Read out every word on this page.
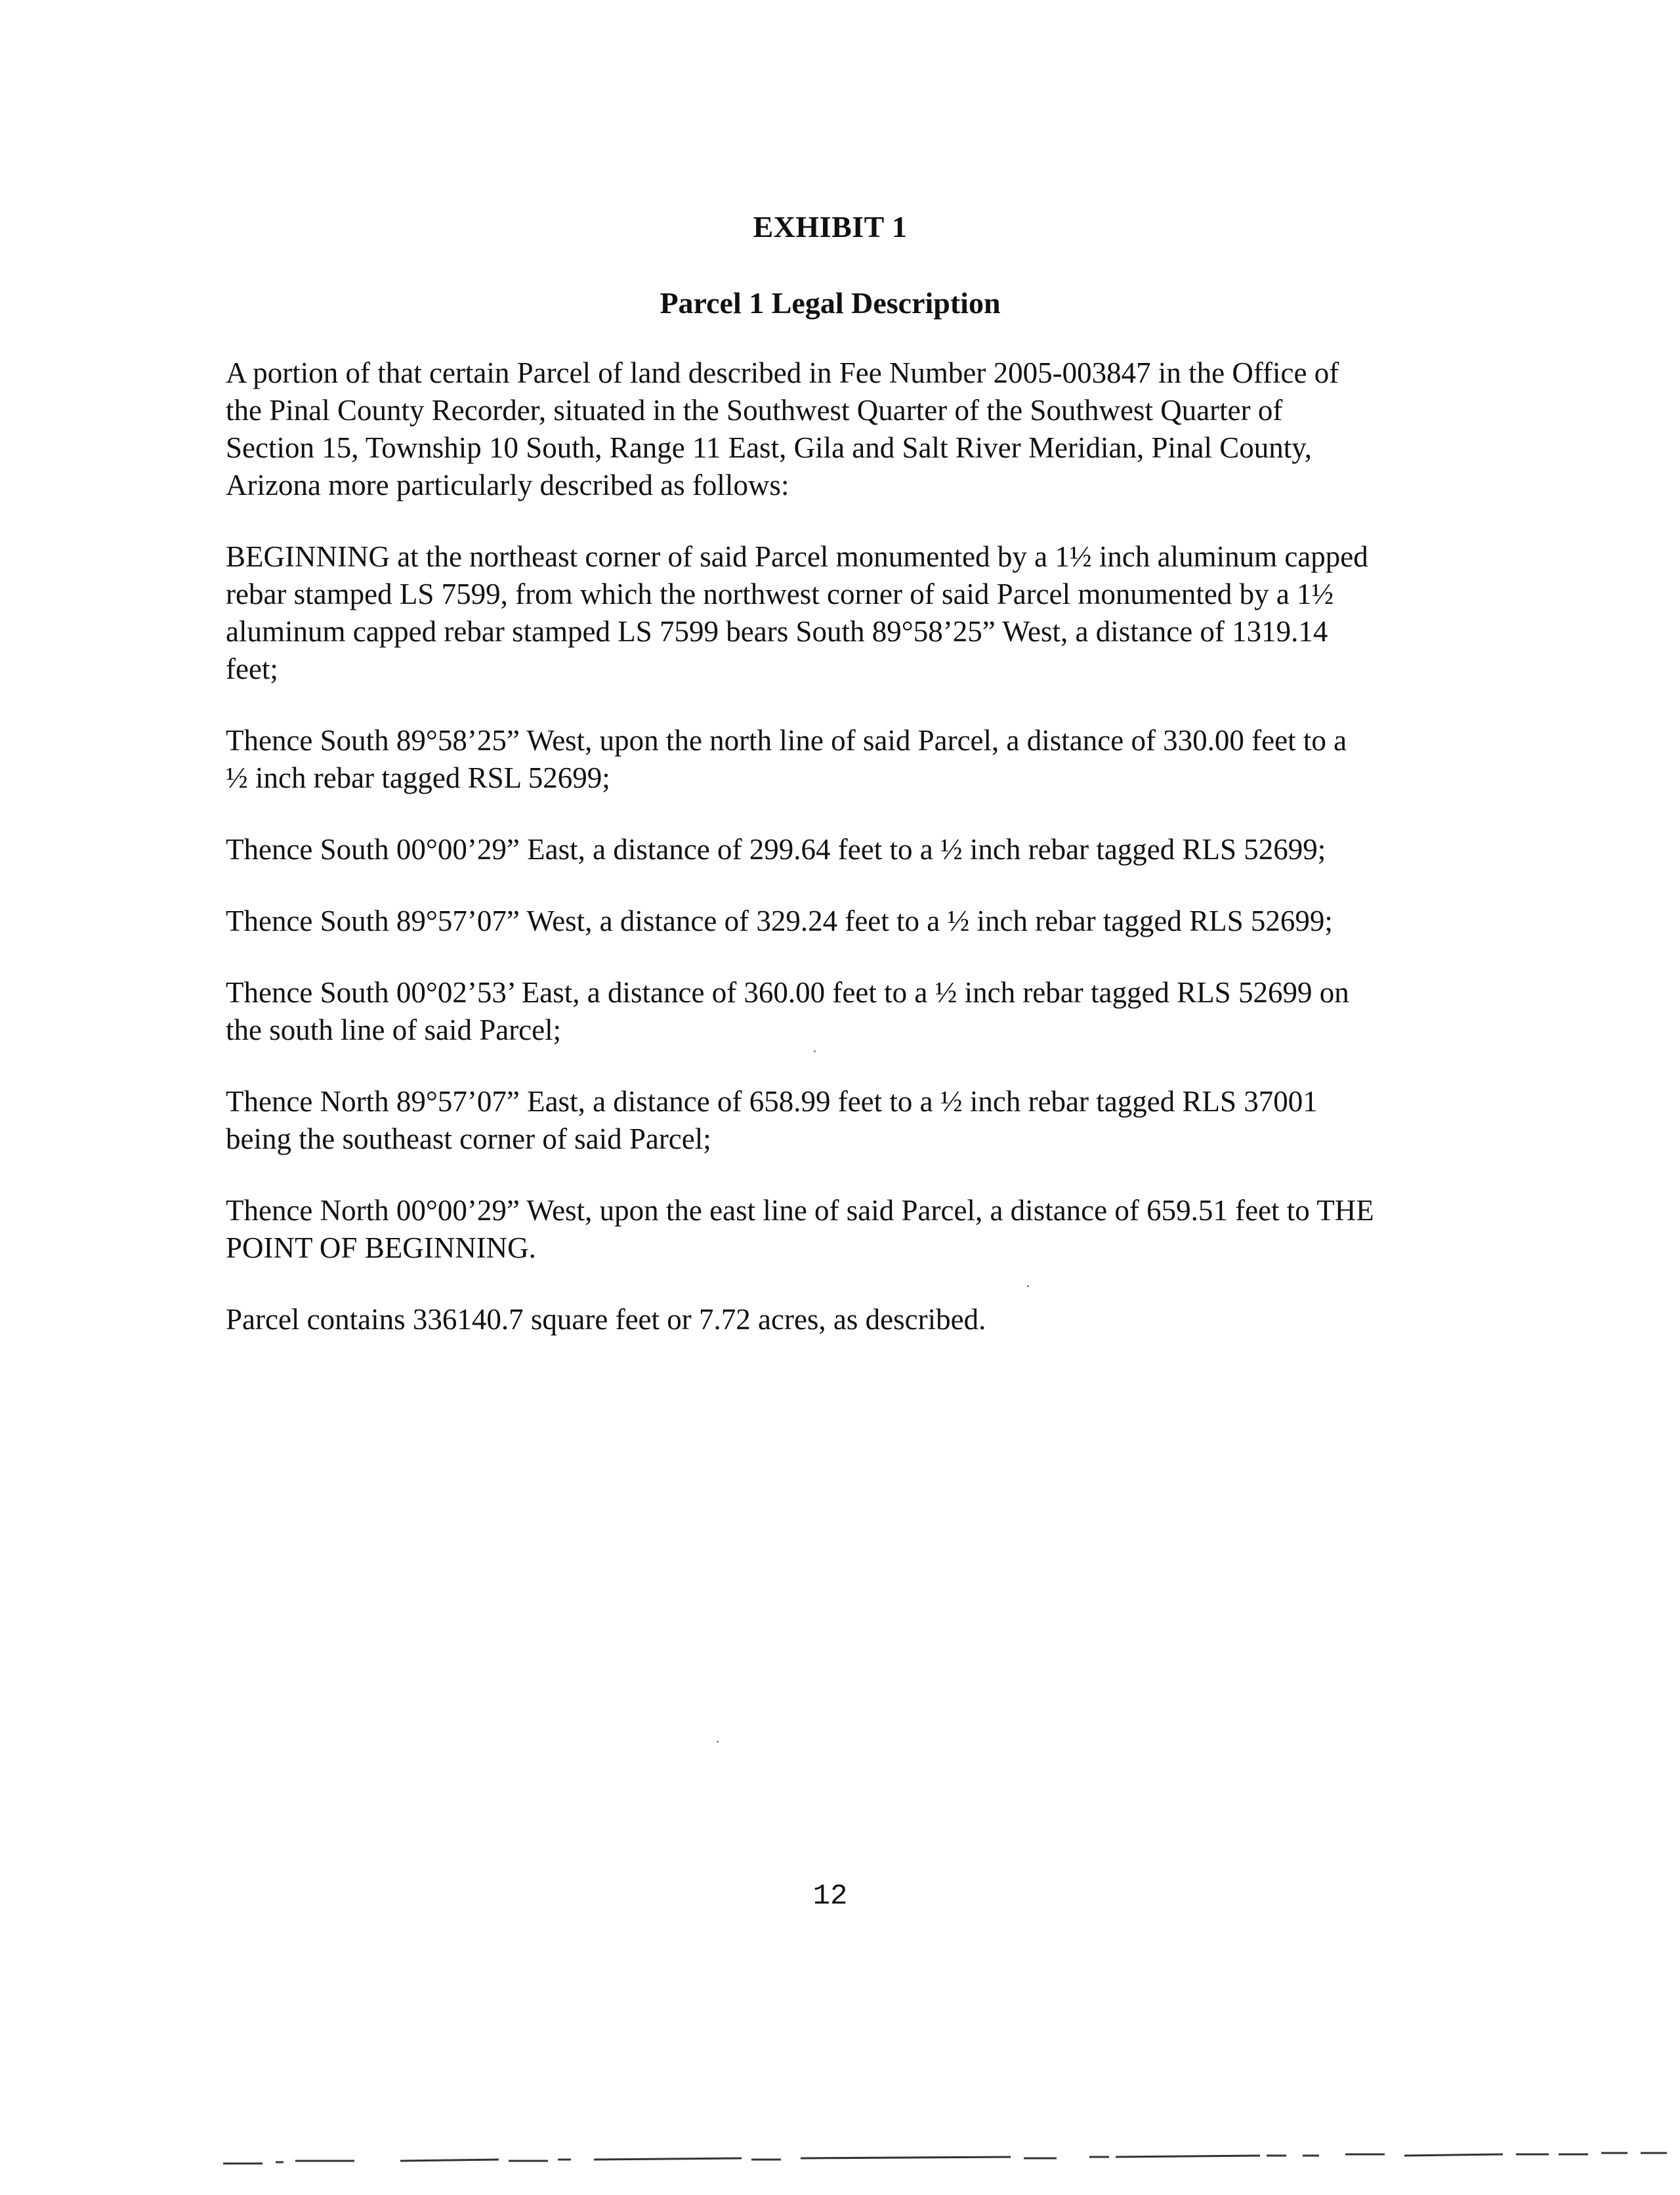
EXHIBIT 1
Parcel 1 Legal Description

A portion of that certain Parcel of land described in Fee Number 2005-003847 in the Office of
the Pinal County Recorder, situated in the Southwest Quarter of the Southwest Quarter of
Section 15, Township 10 South, Range 11 East, Gila and Salt River Meridian, Pinal County,
Arizona more particularly described as follows:

BEGINNING at the northeast corner of said Parcel monumented by a 1½ inch aluminum capped
rebar stamped LS 7599, from which the northwest corner of said Parcel monumented by a 1½
aluminum capped rebar stamped LS 7599 bears South 89°58’25” West, a distance of 1319.14
feet;

Thence South 89°58’25” West, upon the north line of said Parcel, a distance of 330.00 feet to a
½ inch rebar tagged RSL 52699;

Thence South 00°00’29” East, a distance of 299.64 feet to a ½ inch rebar tagged RLS 52699;

Thence South 89°57’07” West, a distance of 329.24 feet to a ½ inch rebar tagged RLS 52699;

Thence South 00°02’53’ East, a distance of 360.00 feet to a ½ inch rebar tagged RLS 52699 on
the south line of said Parcel;

Thence North 89°57’07” East, a distance of 658.99 feet to a ½ inch rebar tagged RLS 37001
being the southeast corner of said Parcel;

Thence North 00°00’29” West, upon the east line of said Parcel, a distance of 659.51 feet to THE
POINT OF BEGINNING.

Parcel contains 336140.7 square feet or 7.72 acres, as described.

12
